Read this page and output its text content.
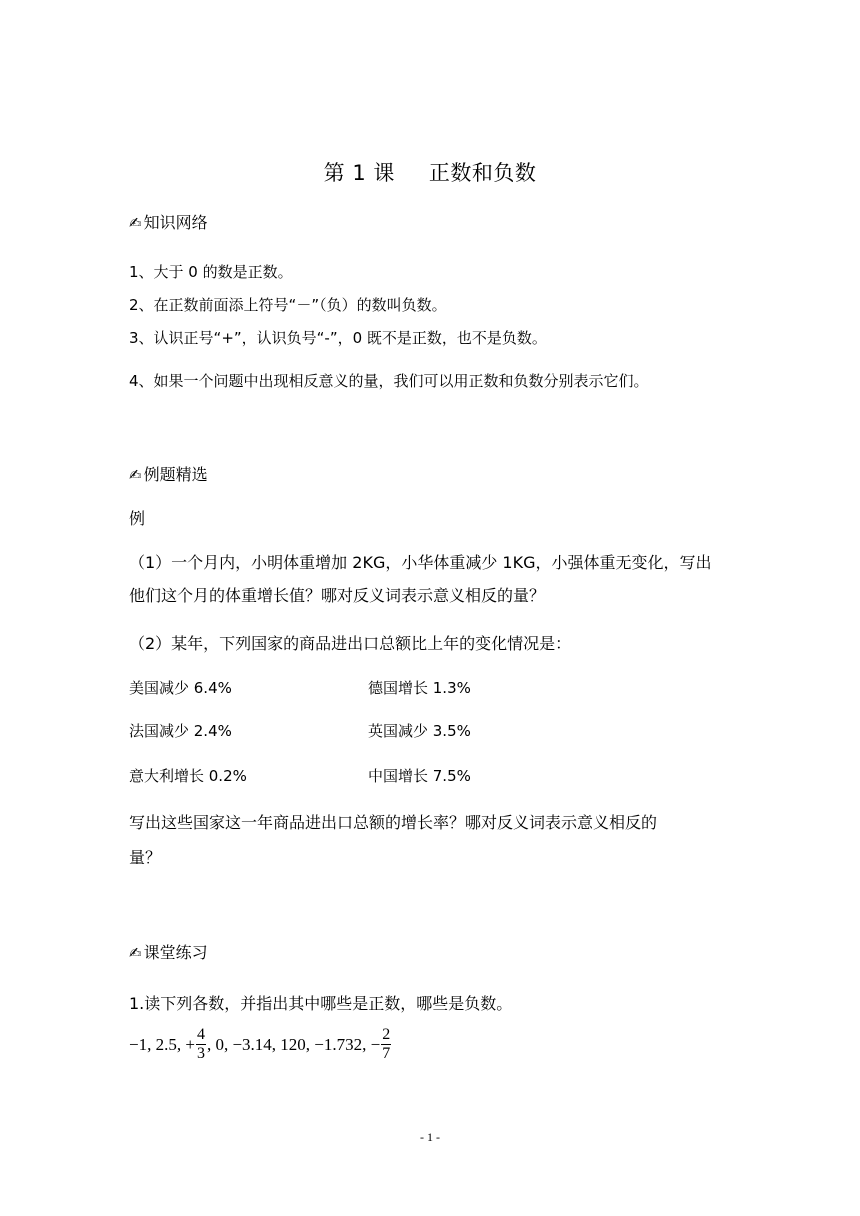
第 1 课 正数和负数
✍ 知识网络
1、大于 0 的数是正数。
2、在正数前面添上符号“－”（负）的数叫负数。
3、认识正号“+”，认识负号“-”，0 既不是正数，也不是负数。
4、如果一个问题中出现相反意义的量，我们可以用正数和负数分别表示它们。
✍ 例题精选
例
（1）一个月内，小明体重增加 2KG，小华体重减少 1KG，小强体重无变化，写出
他们这个月的体重增长值？哪对反义词表示意义相反的量？
（2）某年，下列国家的商品进出口总额比上年的变化情况是：
美国减少 6.4%	德国增长 1.3%
法国减少 2.4%	英国减少 3.5%
意大利增长 0.2%	中国增长 7.5%
写出这些国家这一年商品进出口总额的增长率？哪对反义词表示意义相反的
量？
✍ 课堂练习
1.读下列各数，并指出其中哪些是正数，哪些是负数。
−1, 2.5, + $\frac{4}{3}$ , 0, −3.14, 120, −1.732, − $\frac{2}{7}$
- 1 -
